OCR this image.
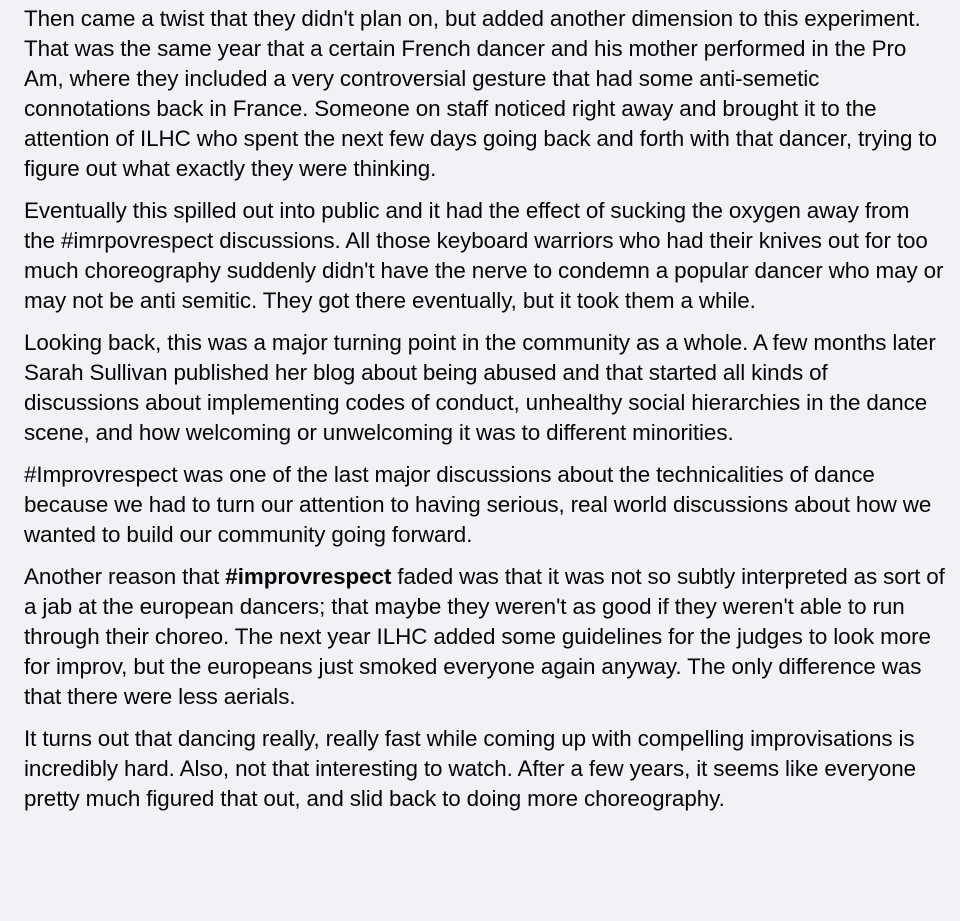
Then came a twist that they didn't plan on, but added another dimension to this experiment. That was the same year that a certain French dancer and his mother performed in the Pro Am, where they included a very controversial gesture that had some anti-semetic connotations back in France. Someone on staff noticed right away and brought it to the attention of ILHC who spent the next few days going back and forth with that dancer, trying to figure out what exactly they were thinking.

Eventually this spilled out into public and it had the effect of sucking the oxygen away from the #imrpovrespect discussions. All those keyboard warriors who had their knives out for too much choreography suddenly didn't have the nerve to condemn a popular dancer who may or may not be anti semitic. They got there eventually, but it took them a while.

Looking back, this was a major turning point in the community as a whole. A few months later Sarah Sullivan published her blog about being abused and that started all kinds of discussions about implementing codes of conduct, unhealthy social hierarchies in the dance scene, and how welcoming or unwelcoming it was to different minorities.

#Improvrespect was one of the last major discussions about the technicalities of dance because we had to turn our attention to having serious, real world discussions about how we wanted to build our community going forward.

Another reason that #improvrespect faded was that it was not so subtly interpreted as sort of a jab at the european dancers; that maybe they weren't as good if they weren't able to run through their choreo. The next year ILHC added some guidelines for the judges to look more for improv, but the europeans just smoked everyone again anyway. The only difference was that there were less aerials.

It turns out that dancing really, really fast while coming up with compelling improvisations is incredibly hard. Also, not that interesting to watch. After a few years, it seems like everyone pretty much figured that out, and slid back to doing more choreography.
